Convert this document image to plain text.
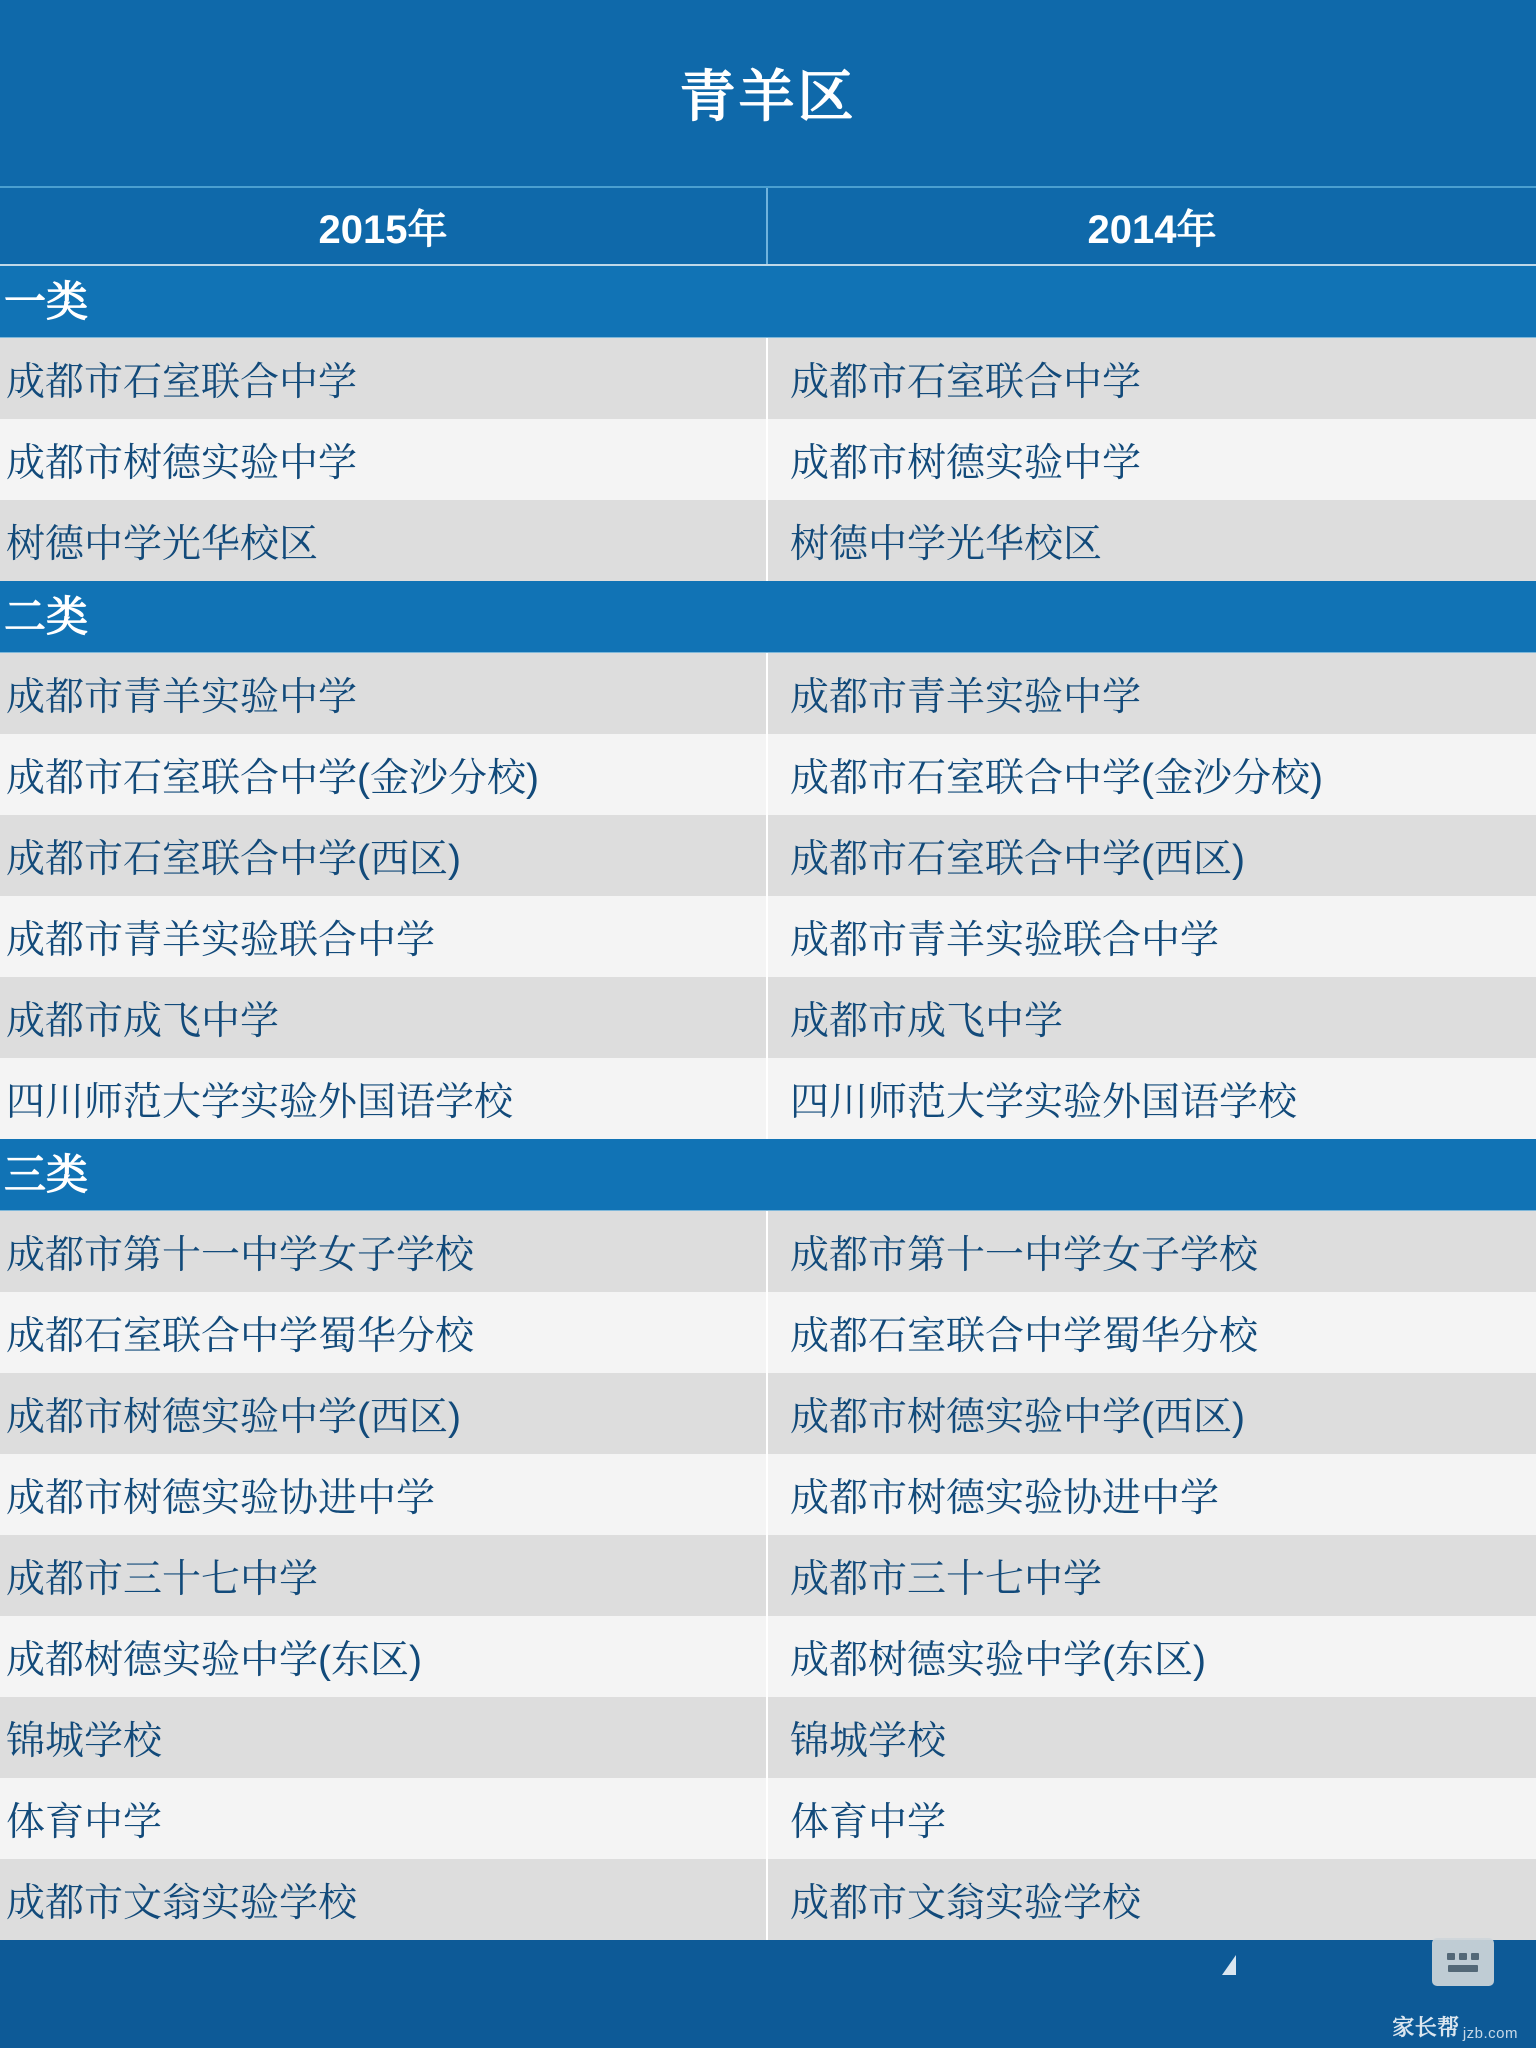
青羊区
2015年	2014年
一类
成都市石室联合中学	成都市石室联合中学
成都市树德实验中学	成都市树德实验中学
树德中学光华校区	树德中学光华校区
二类
成都市青羊实验中学	成都市青羊实验中学
成都市石室联合中学(金沙分校)	成都市石室联合中学(金沙分校)
成都市石室联合中学(西区)	成都市石室联合中学(西区)
成都市青羊实验联合中学	成都市青羊实验联合中学
成都市成飞中学	成都市成飞中学
四川师范大学实验外国语学校	四川师范大学实验外国语学校
三类
成都市第十一中学女子学校	成都市第十一中学女子学校
成都石室联合中学蜀华分校	成都石室联合中学蜀华分校
成都市树德实验中学(西区)	成都市树德实验中学(西区)
成都市树德实验协进中学	成都市树德实验协进中学
成都市三十七中学	成都市三十七中学
成都树德实验中学(东区)	成都树德实验中学(东区)
锦城学校	锦城学校
体育中学	体育中学
成都市文翁实验学校	成都市文翁实验学校
家长帮 jzb.com
